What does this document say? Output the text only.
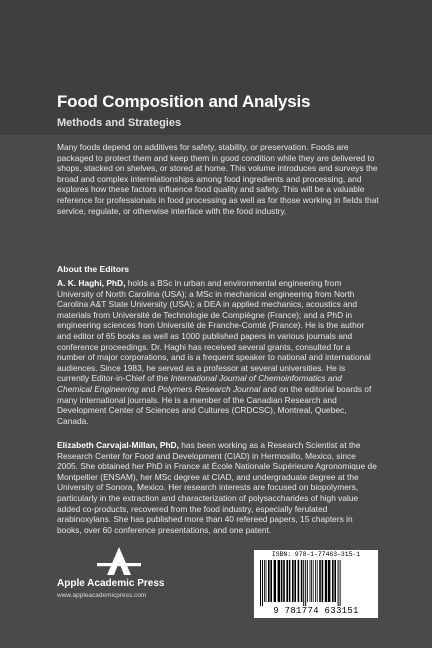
Food Composition and Analysis
Methods and Strategies
Many foods depend on additives for safety, stability, or preservation. Foods are packaged to protect them and keep them in good condition while they are delivered to shops, stacked on shelves, or stored at home. This volume introduces and surveys the broad and complex interrelationships among food ingredients and processing, and explores how these factors influence food quality and safety. This will be a valuable reference for professionals in food processing as well as for those working in fields that service, regulate, or otherwise interface with the food industry.
About the Editors
A. K. Haghi, PhD, holds a BSc in urban and environmental engineering from University of North Carolina (USA); a MSc in mechanical engineering from North Carolina A&T State University (USA); a DEA in applied mechanics, acoustics and materials from Université de Technologie de Compiègne (France); and a PhD in engineering sciences from Université de Franche-Comté (France). He is the author and editor of 65 books as well as 1000 published papers in various journals and conference proceedings. Dr. Haghi has received several grants, consulted for a number of major corporations, and is a frequent speaker to national and international audiences. Since 1983, he served as a professor at several universities. He is currently Editor-in-Chief of the International Journal of Chemoinformatics and Chemical Engineering and Polymers Research Journal and on the editorial boards of many international journals. He is a member of the Canadian Research and Development Center of Sciences and Cultures (CRDCSC), Montreal, Quebec, Canada.
Elizabeth Carvajal-Millan, PhD, has been working as a Research Scientist at the Research Center for Food and Development (CIAD) in Hermosillo, Mexico, since 2005. She obtained her PhD in France at École Nationale Supérieure Agronomique de Montpellier (ENSAM), her MSc degree at CIAD, and undergraduate degree at the University of Sonora, Mexico. Her research interests are focused on biopolymers, particularly in the extraction and characterization of polysaccharides of high value added co-products, recovered from the food industry, especially ferulated arabinoxylans. She has published more than 40 refereed papers, 15 chapters in books, over 60 conference presentations, and one patent.
Apple Academic Press
www.appleacademicpress.com
ISBN: 978-1-77463-315-1
9 781774 633151
